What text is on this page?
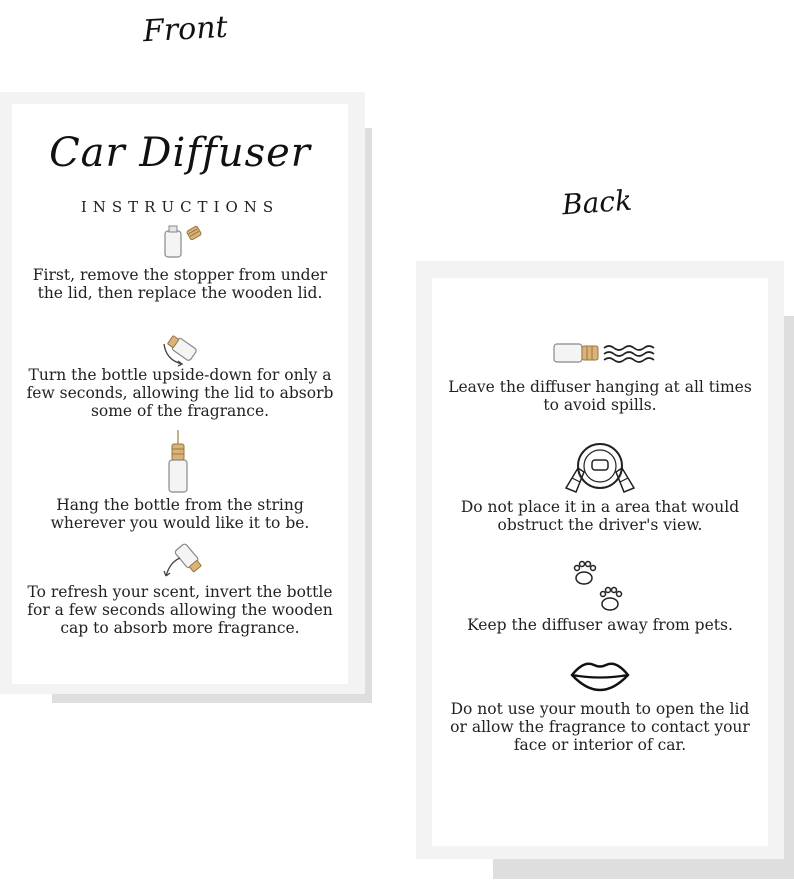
Front
Back
Car Diffuser
INSTRUCTIONS
First, remove the stopper from under the lid, then replace the wooden lid.
Turn the bottle upside-down for only a few seconds, allowing the lid to absorb some of the fragrance.
Hang the bottle from the string wherever you would like it to be.
To refresh your scent, invert the bottle for a few seconds allowing the wooden cap to absorb more fragrance.
Leave the diffuser hanging at all times to avoid spills.
Do not place it in a area that would obstruct the driver's view.
Keep the diffuser away from pets.
Do not use your mouth to open the lid or allow the fragrance to contact your face or interior of car.
